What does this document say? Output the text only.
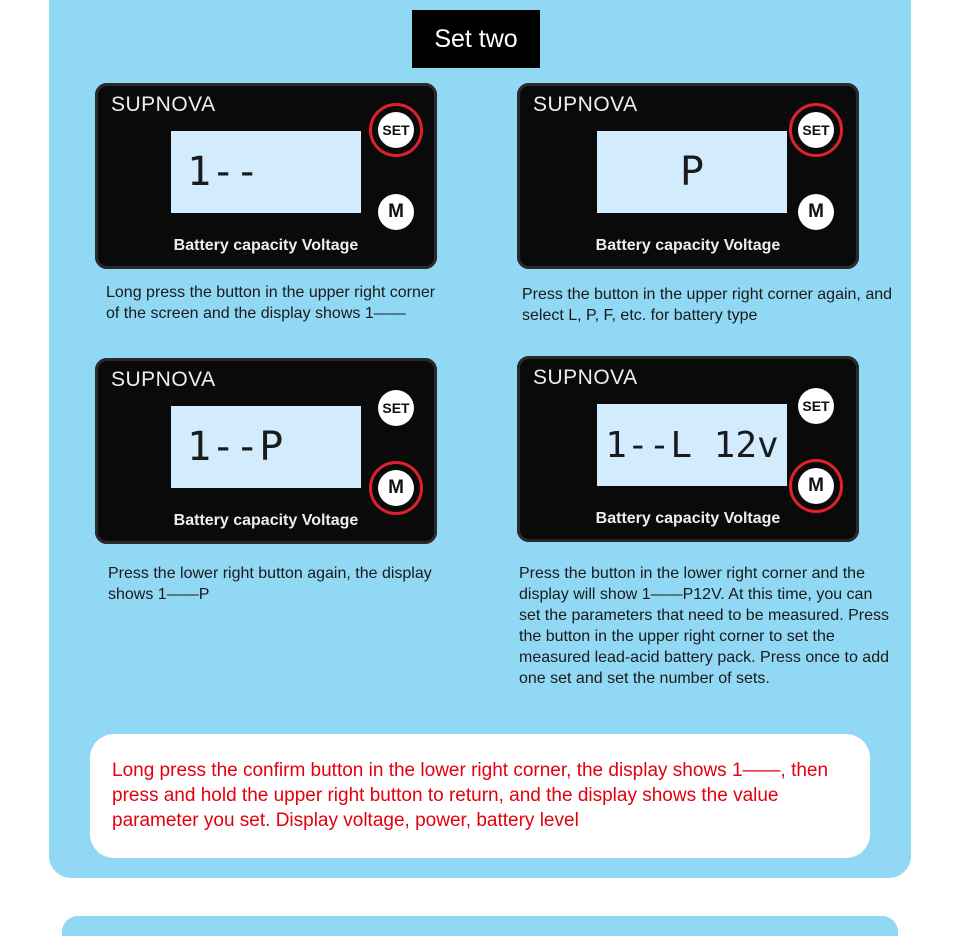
Set two
SUPNOVA
1--
SET
M
Battery capacity Voltage
Long press the button in the upper right corner of the screen and the display shows 1——
SUPNOVA
P
SET
M
Battery capacity Voltage
Press the button in the upper right corner again, and select L, P, F, etc. for battery type
SUPNOVA
1--P
SET
M
Battery capacity Voltage
Press the lower right button again, the display shows 1——P
SUPNOVA
1--L 12v
SET
M
Battery capacity Voltage
Press the button in the lower right corner and the display will show 1——P12V. At this time, you can set the parameters that need to be measured. Press the button in the upper right corner to set the measured lead-acid battery pack. Press once to add one set and set the number of sets.
Long press the confirm button in the lower right corner, the display shows 1——, then press and hold the upper right button to return, and the display shows the value parameter you set. Display voltage, power, battery level
